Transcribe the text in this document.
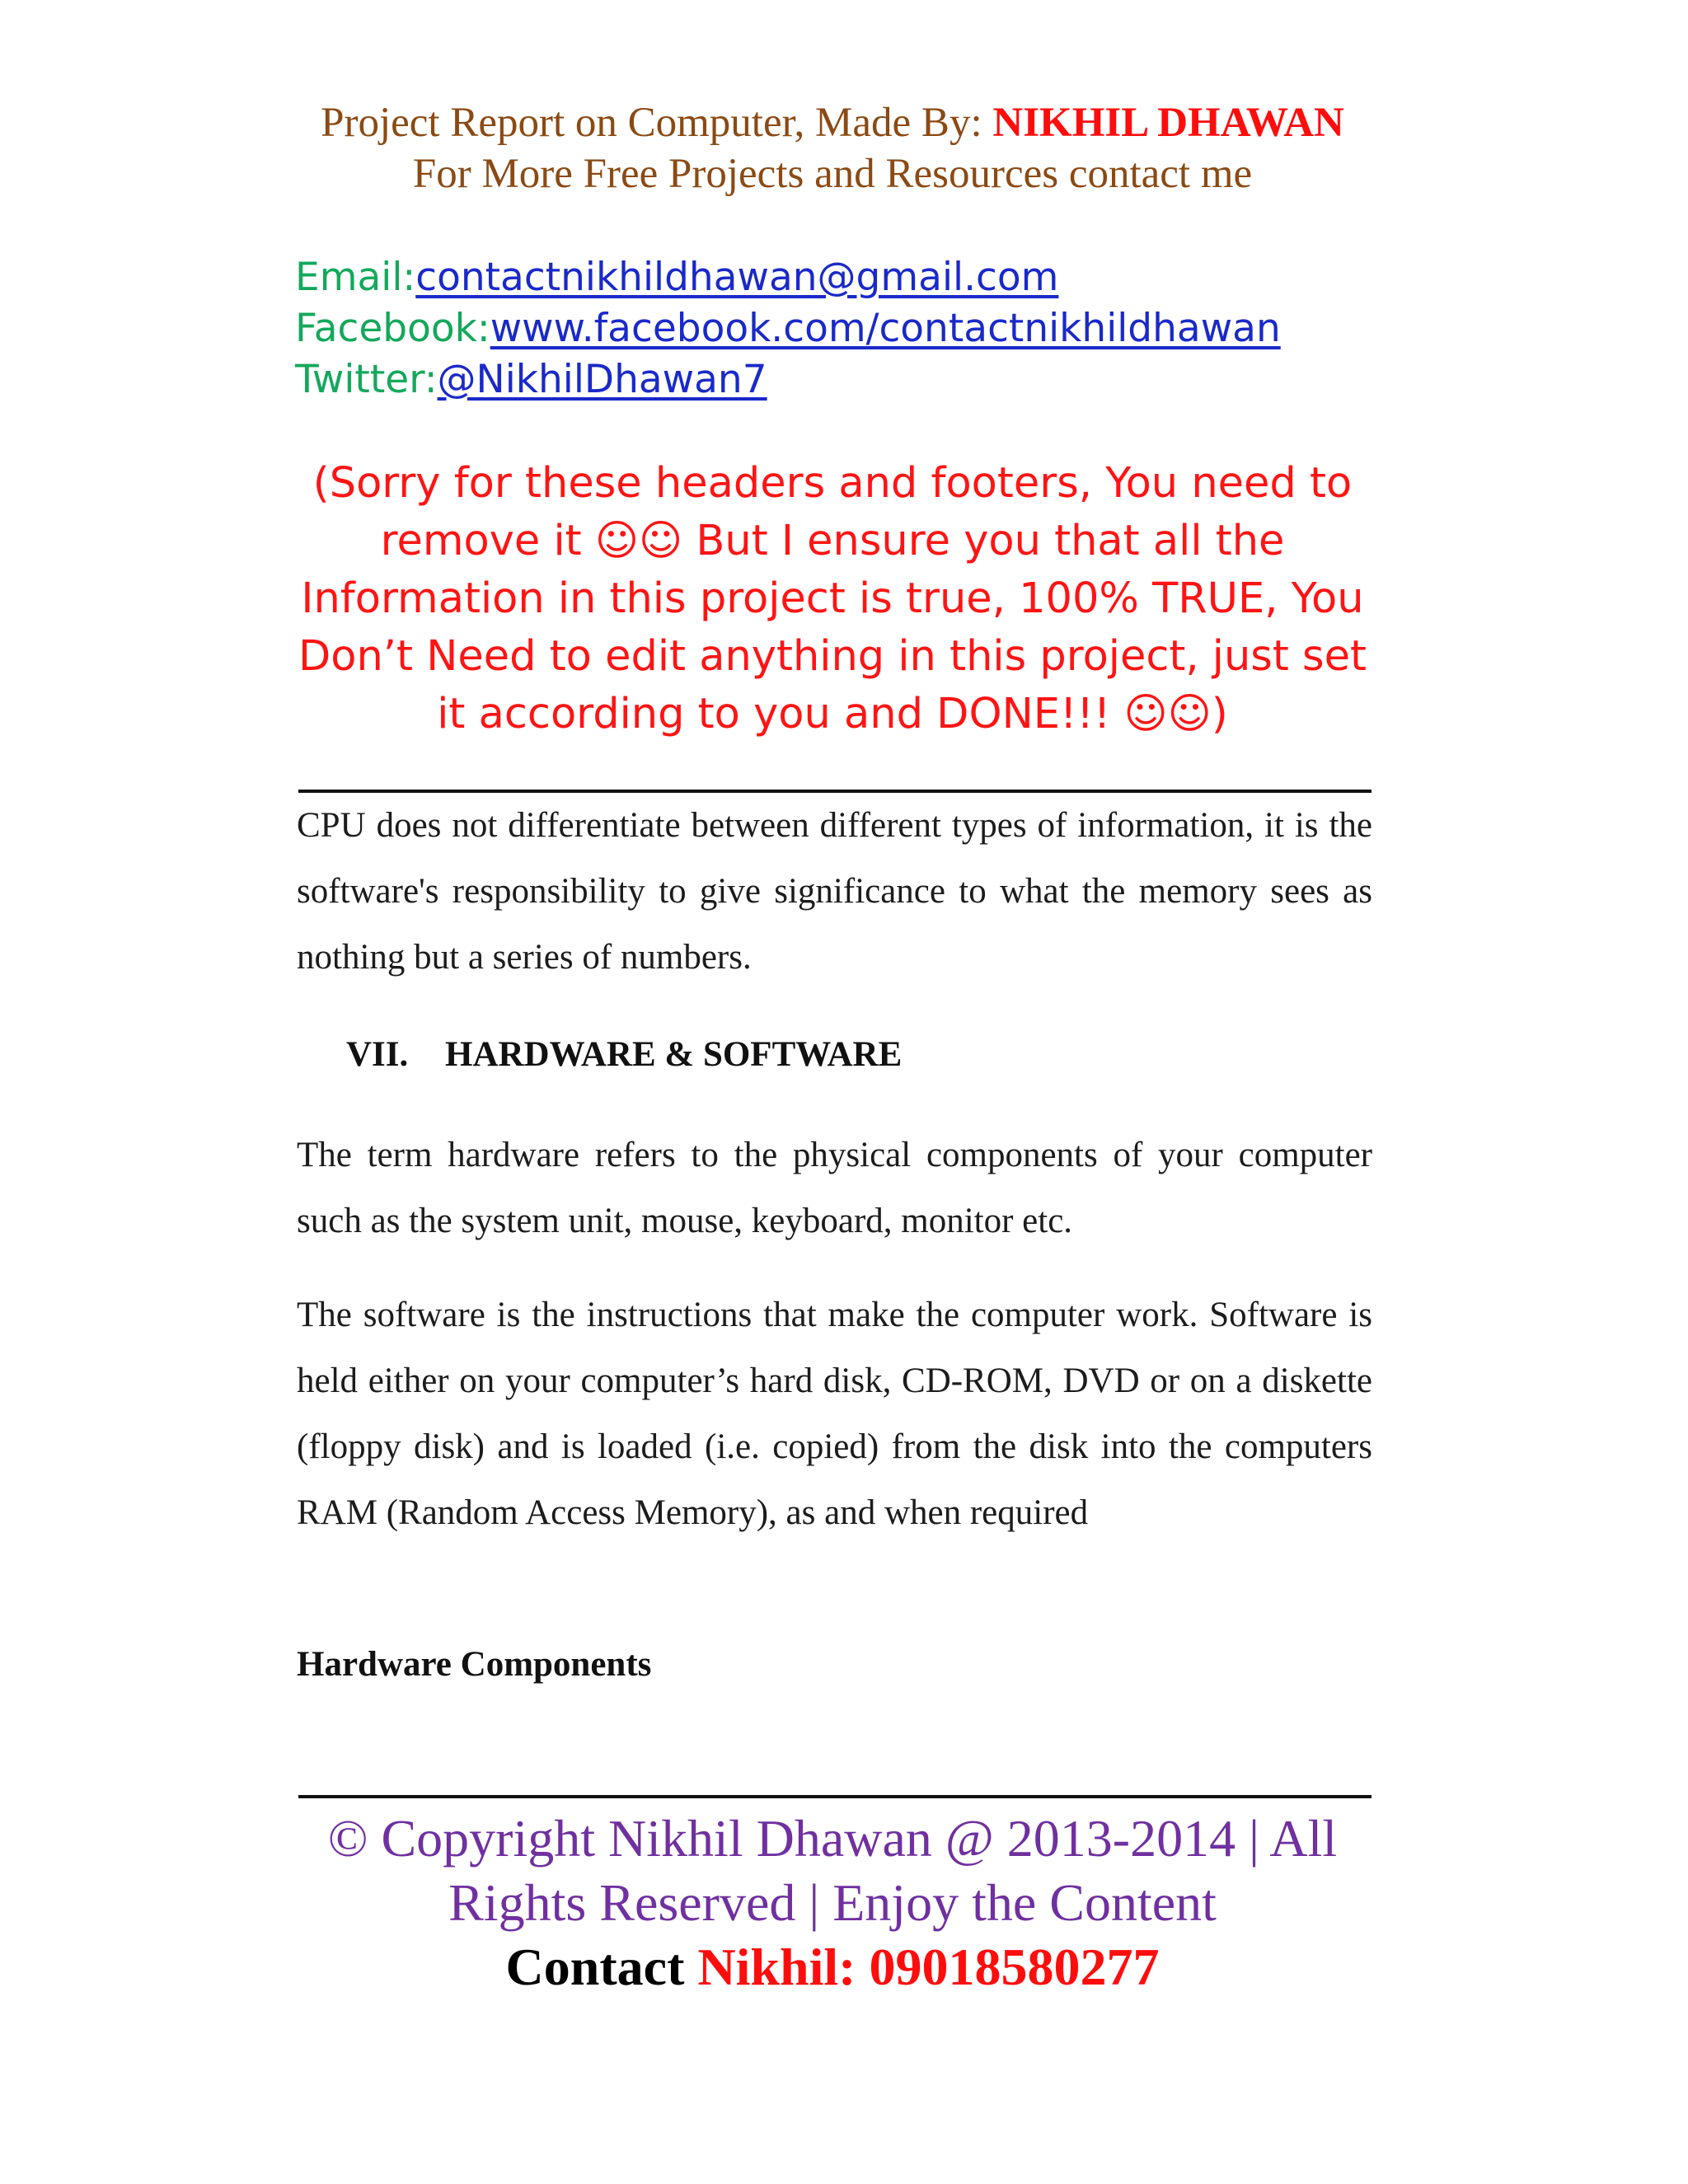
Project Report on Computer, Made By: NIKHIL DHAWAN
For More Free Projects and Resources contact me
Email:contactnikhildhawan@gmail.com
Facebook:www.facebook.com/contactnikhildhawan
Twitter:@NikhilDhawan7
(Sorry for these headers and footers, You need to
remove it ☺☺ But I ensure you that all the
Information in this project is true, 100% TRUE, You
Don’t Need to edit anything in this project, just set
it according to you and DONE!!! ☺☺)

CPU does not differentiate between different types of information, it is the software's responsibility to give significance to what the memory sees as nothing but a series of numbers.

VII. HARDWARE & SOFTWARE

The term hardware refers to the physical components of your computer such as the system unit, mouse, keyboard, monitor etc.

The software is the instructions that make the computer work. Software is held either on your computer’s hard disk, CD-ROM, DVD or on a diskette (floppy disk) and is loaded (i.e. copied) from the disk into the computers RAM (Random Access Memory), as and when required

Hardware Components
© Copyright Nikhil Dhawan @ 2013-2014 | All
Rights Reserved | Enjoy the Content
Contact Nikhil: 09018580277
